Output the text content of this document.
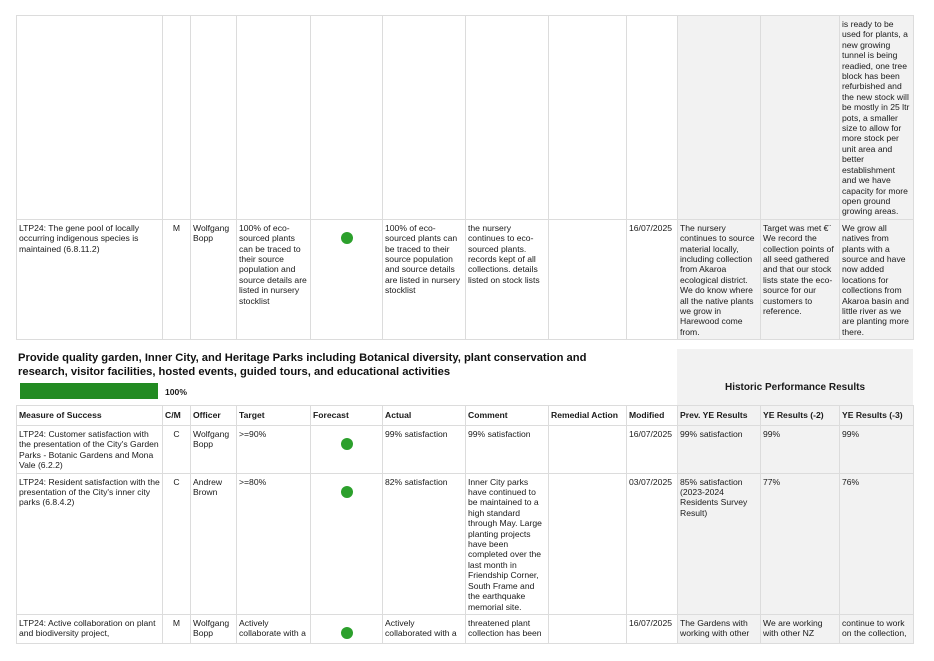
											is ready to be used for plants, a new growing tunnel is being readied, one tree block has been refurbished and the new stock will be mostly in 25 ltr pots, a smaller size to allow for more stock per unit area and better establishment and we have capacity for more open ground growing areas.
LTP24: The gene pool of locally occurring indigenous species is maintained (6.8.11.2)	M	Wolfgang Bopp	100% of eco-sourced plants can be traced to their source population and source details are listed in nursery stocklist		100% of eco-sourced plants can be traced to their source population and source details are listed in nursery stocklist	the nursery continues to eco-sourced plants. records kept of all collections. details listed on stock lists		16/07/2025	The nursery continues to source material locally, including collection from Akaroa ecological district. We do know where all the native plants we grow in Harewood come from.	Target was met €¨ We record the collection points of all seed gathered and that our stock lists state the eco-source for our customers to reference.	We grow all natives from plants with a source and have now added locations for collections from Akaroa basin and little river as we are planting more there.
Provide quality garden, Inner City, and Heritage Parks including Botanical diversity, plant conservation and research, visitor facilities, hosted events, guided tours, and educational activities
100%	Historic Performance Results
Measure of Success	C/M	Officer	Target	Forecast	Actual	Comment	Remedial Action	Modified	Prev. YE Results	YE Results (-2)	YE Results (-3)
LTP24: Customer satisfaction with the presentation of the City's Garden Parks - Botanic Gardens and Mona Vale (6.2.2)	C	Wolfgang Bopp	>=90%		99% satisfaction	99% satisfaction		16/07/2025	99% satisfaction	99%	99%
LTP24: Resident satisfaction with the presentation of the City's inner city parks (6.8.4.2)	C	Andrew Brown	>=80%		82% satisfaction	Inner City parks have continued to be maintained to a high standard through May. Large planting projects have been completed over the last month in Friendship Corner, South Frame and the earthquake memorial site.		03/07/2025	85% satisfaction (2023-2024 Residents Survey Result)	77%	76%
LTP24: Active collaboration on plant and biodiversity project,	M	Wolfgang Bopp	Actively collaborate with a		Actively collaborated with a	threatened plant collection has been		16/07/2025	The Gardens with working with other	We are working with other NZ	continue to work on the collection,
